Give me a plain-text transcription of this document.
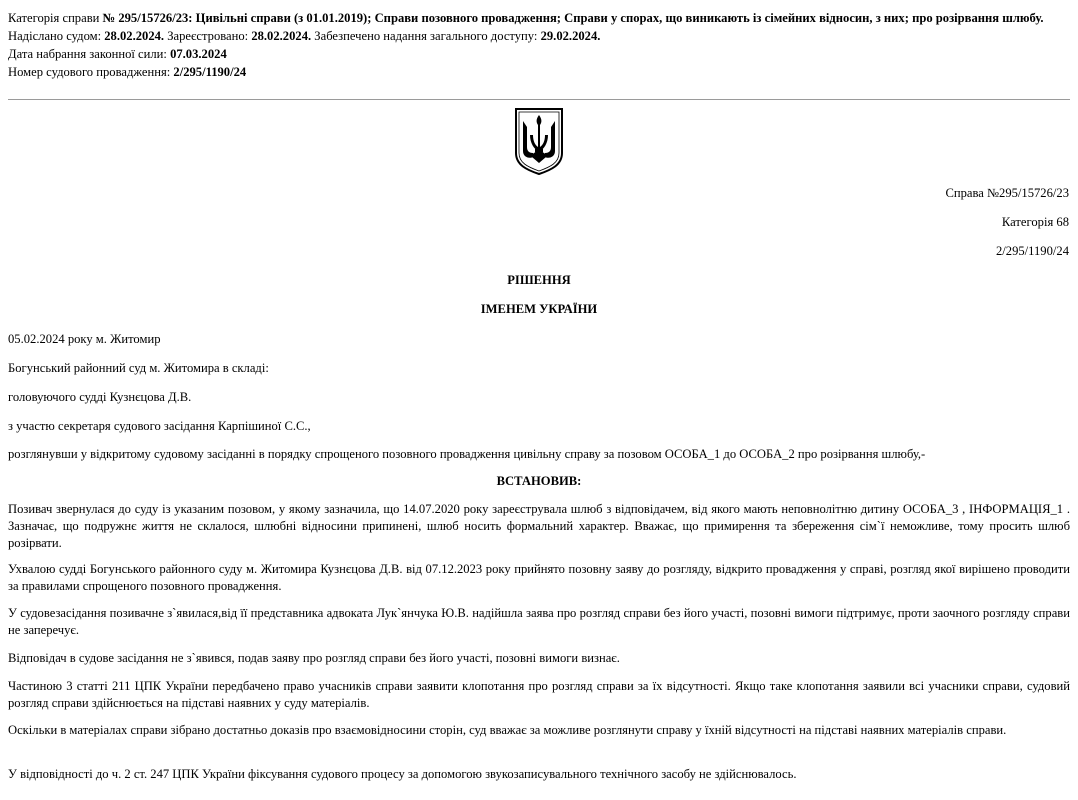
Категорія справи № 295/15726/23: Цивільні справи (з 01.01.2019); Справи позовного провадження; Справи у спорах, що виникають із сімейних відносин, з них; про розірвання шлюбу.
Надіслано судом: 28.02.2024. Зареєстровано: 28.02.2024. Забезпечено надання загального доступу: 29.02.2024.
Дата набрання законної сили: 07.03.2024
Номер судового провадження: 2/295/1190/24
Справа №295/15726/23
Категорія 68
2/295/1190/24
РІШЕННЯ
ІМЕНЕМ УКРАЇНИ
05.02.2024 року м. Житомир
Богунський районний суд м. Житомира в складі:
головуючого судді Кузнєцова Д.В.
з участю секретаря судового засідання Карпішиної С.С.,
розглянувши у відкритому судовому засіданні в порядку спрощеного позовного провадження цивільну справу за позовом ОСОБА_1 до ОСОБА_2 про розірвання шлюбу,-
ВСТАНОВИВ:
Позивач звернулася до суду із указаним позовом, у якому зазначила, що 14.07.2020 року зареєструвала шлюб з відповідачем, від якого мають неповнолітню дитину ОСОБА_3 , ІНФОРМАЦІЯ_1 . Зазначає, що подружнє життя не склалося, шлюбні відносини припинені, шлюб носить формальний характер. Вважає, що примирення та збереження сім`ї неможливе, тому просить шлюб розірвати.
Ухвалою судді Богунського районного суду м. Житомира Кузнєцова Д.В. від 07.12.2023 року прийнято позовну заяву до розгляду, відкрито провадження у справі, розгляд якої вирішено проводити за правилами спрощеного позовного провадження.
У судовезасідання позивачне з`явилася,від її представника адвоката Лук`янчука Ю.В. надійшла заява про розгляд справи без його участі, позовні вимоги підтримує, проти заочного розгляду справи не заперечує.
Відповідач в судове засідання не з`явився, подав заяву про розгляд справи без його участі, позовні вимоги визнає.
Частиною 3 статті 211 ЦПК України передбачено право учасників справи заявити клопотання про розгляд справи за їх відсутності. Якщо таке клопотання заявили всі учасники справи, судовий розгляд справи здійснюється на підставі наявних у суду матеріалів.
Оскільки в матеріалах справи зібрано достатньо доказів про взаємовідносини сторін, суд вважає за можливе розглянути справу у їхній відсутності на підставі наявних матеріалів справи.
У відповідності до ч. 2 ст. 247 ЦПК України фіксування судового процесу за допомогою звукозаписувального технічного засобу не здійснювалось.
